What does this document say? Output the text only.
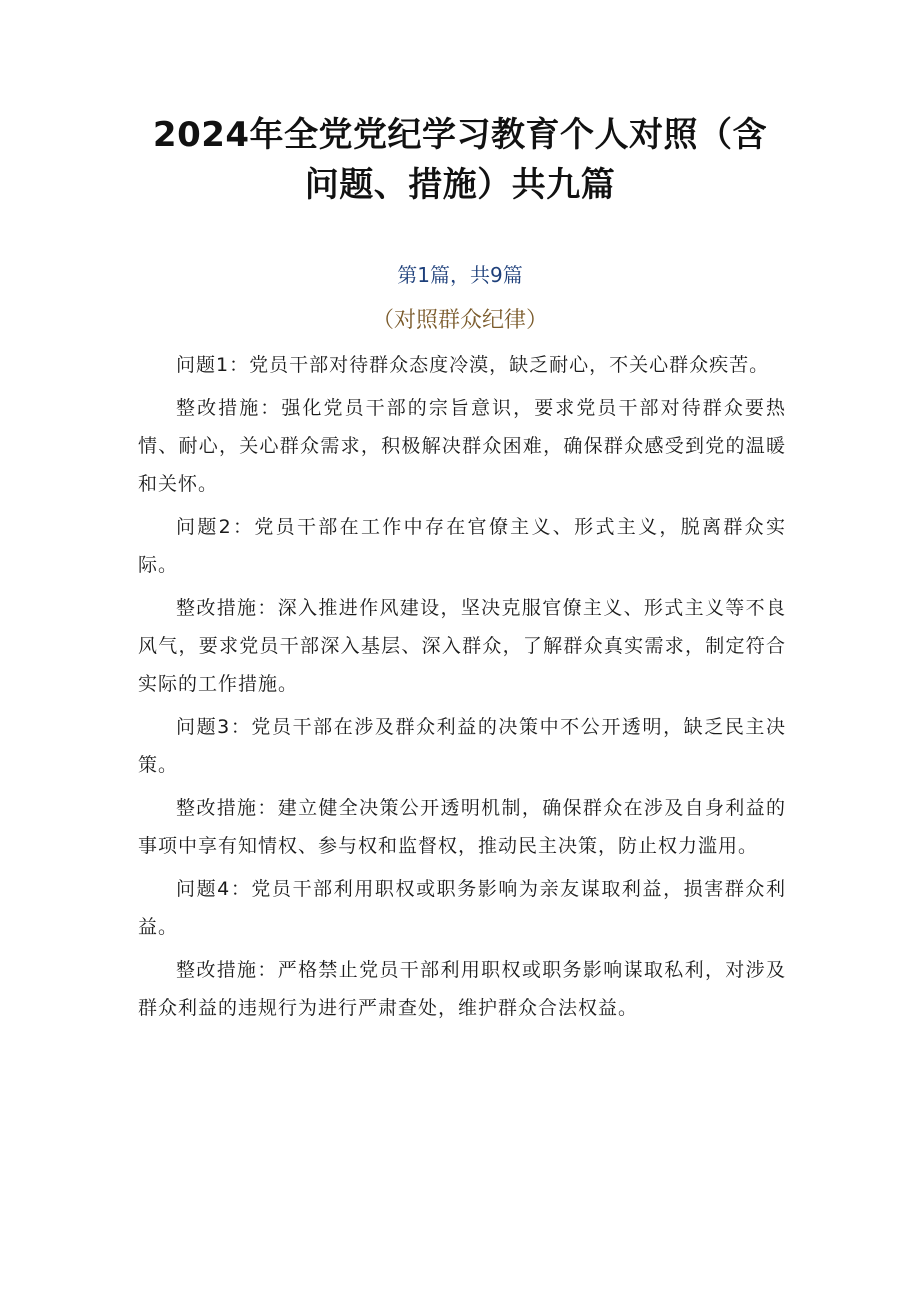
2024年全党党纪学习教育个人对照（含问题、措施）共九篇
第1篇，共9篇
（对照群众纪律）

问题1：党员干部对待群众态度冷漠，缺乏耐心，不关心群众疾苦。

整改措施：强化党员干部的宗旨意识，要求党员干部对待群众要热情、耐心，关心群众需求，积极解决群众困难，确保群众感受到党的温暖和关怀。

问题2：党员干部在工作中存在官僚主义、形式主义，脱离群众实际。

整改措施：深入推进作风建设，坚决克服官僚主义、形式主义等不良风气，要求党员干部深入基层、深入群众，了解群众真实需求，制定符合实际的工作措施。

问题3：党员干部在涉及群众利益的决策中不公开透明，缺乏民主决策。

整改措施：建立健全决策公开透明机制，确保群众在涉及自身利益的事项中享有知情权、参与权和监督权，推动民主决策，防止权力滥用。

问题4：党员干部利用职权或职务影响为亲友谋取利益，损害群众利益。

整改措施：严格禁止党员干部利用职权或职务影响谋取私利，对涉及群众利益的违规行为进行严肃查处，维护群众合法权益。
